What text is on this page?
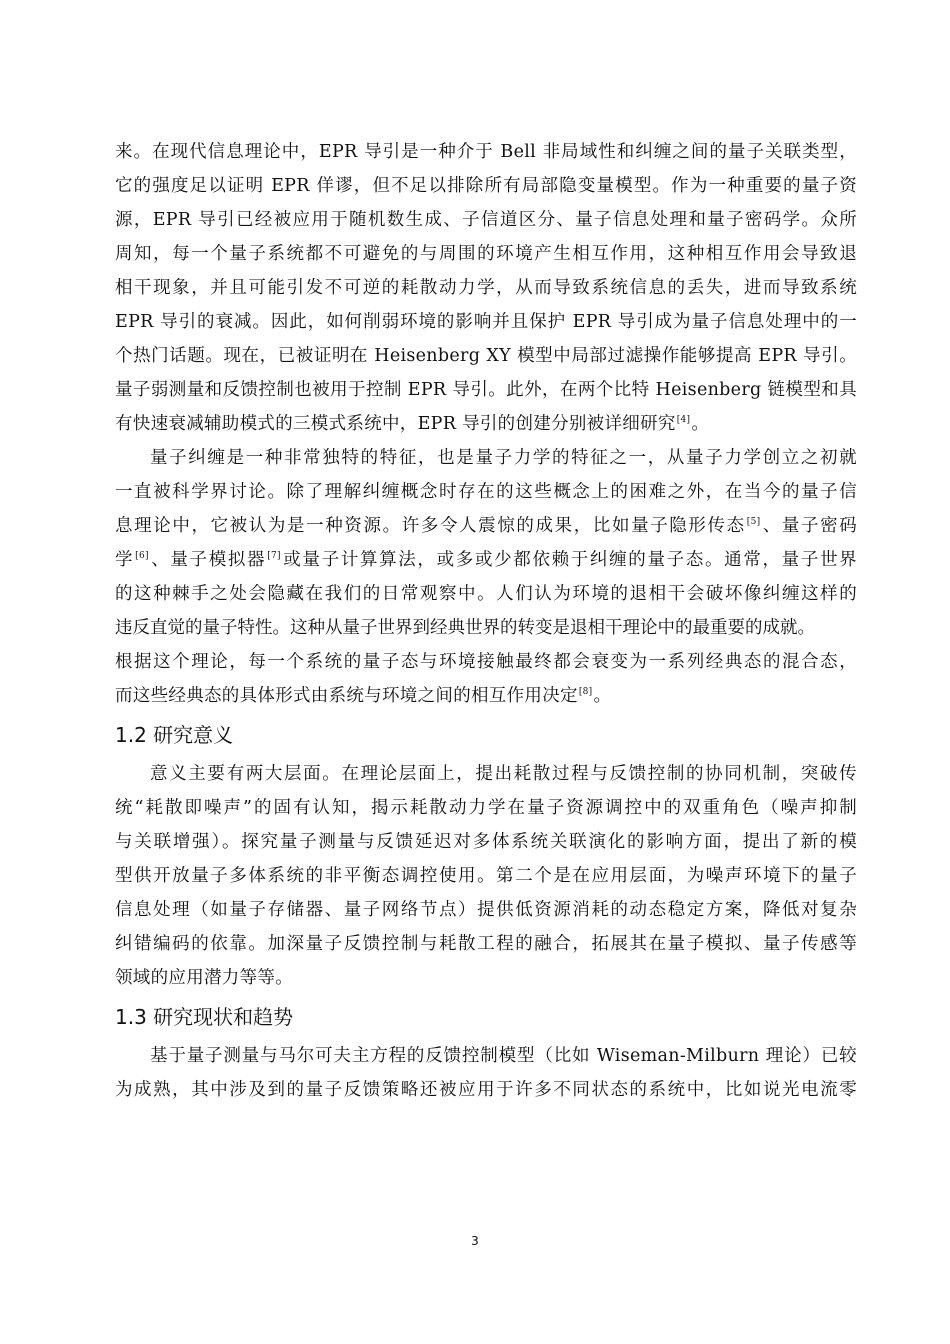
来。在现代信息理论中，EPR 导引是一种介于 Bell 非局域性和纠缠之间的量子关联类型，
它的强度足以证明 EPR 佯谬，但不足以排除所有局部隐变量模型。作为一种重要的量子资
源，EPR 导引已经被应用于随机数生成、子信道区分、量子信息处理和量子密码学。众所
周知，每一个量子系统都不可避免的与周围的环境产生相互作用，这种相互作用会导致退
相干现象，并且可能引发不可逆的耗散动力学，从而导致系统信息的丢失，进而导致系统
EPR 导引的衰减。因此，如何削弱环境的影响并且保护 EPR 导引成为量子信息处理中的一
个热门话题。现在，已被证明在 Heisenberg XY 模型中局部过滤操作能够提高 EPR 导引。
量子弱测量和反馈控制也被用于控制 EPR 导引。此外，在两个比特 Heisenberg 链模型和具
有快速衰减辅助模式的三模式系统中，EPR 导引的创建分别被详细研究[4]。
量子纠缠是一种非常独特的特征，也是量子力学的特征之一，从量子力学创立之初就
一直被科学界讨论。除了理解纠缠概念时存在的这些概念上的困难之外，在当今的量子信
息理论中，它被认为是一种资源。许多令人震惊的成果，比如量子隐形传态[5]、量子密码
学[6]、量子模拟器[7]或量子计算算法，或多或少都依赖于纠缠的量子态。通常，量子世界
的这种棘手之处会隐藏在我们的日常观察中。人们认为环境的退相干会破坏像纠缠这样的
违反直觉的量子特性。这种从量子世界到经典世界的转变是退相干理论中的最重要的成就。
根据这个理论，每一个系统的量子态与环境接触最终都会衰变为一系列经典态的混合态，
而这些经典态的具体形式由系统与环境之间的相互作用决定[8]。
1.2 研究意义
意义主要有两大层面。在理论层面上，提出耗散过程与反馈控制的协同机制，突破传
统“耗散即噪声”的固有认知，揭示耗散动力学在量子资源调控中的双重角色（噪声抑制
与关联增强）。探究量子测量与反馈延迟对多体系统关联演化的影响方面，提出了新的模
型供开放量子多体系统的非平衡态调控使用。第二个是在应用层面，为噪声环境下的量子
信息处理（如量子存储器、量子网络节点）提供低资源消耗的动态稳定方案，降低对复杂
纠错编码的依靠。加深量子反馈控制与耗散工程的融合，拓展其在量子模拟、量子传感等
领域的应用潜力等等。
1.3 研究现状和趋势
基于量子测量与马尔可夫主方程的反馈控制模型（比如 Wiseman-Milburn 理论）已较
为成熟，其中涉及到的量子反馈策略还被应用于许多不同状态的系统中，比如说光电流零
3
